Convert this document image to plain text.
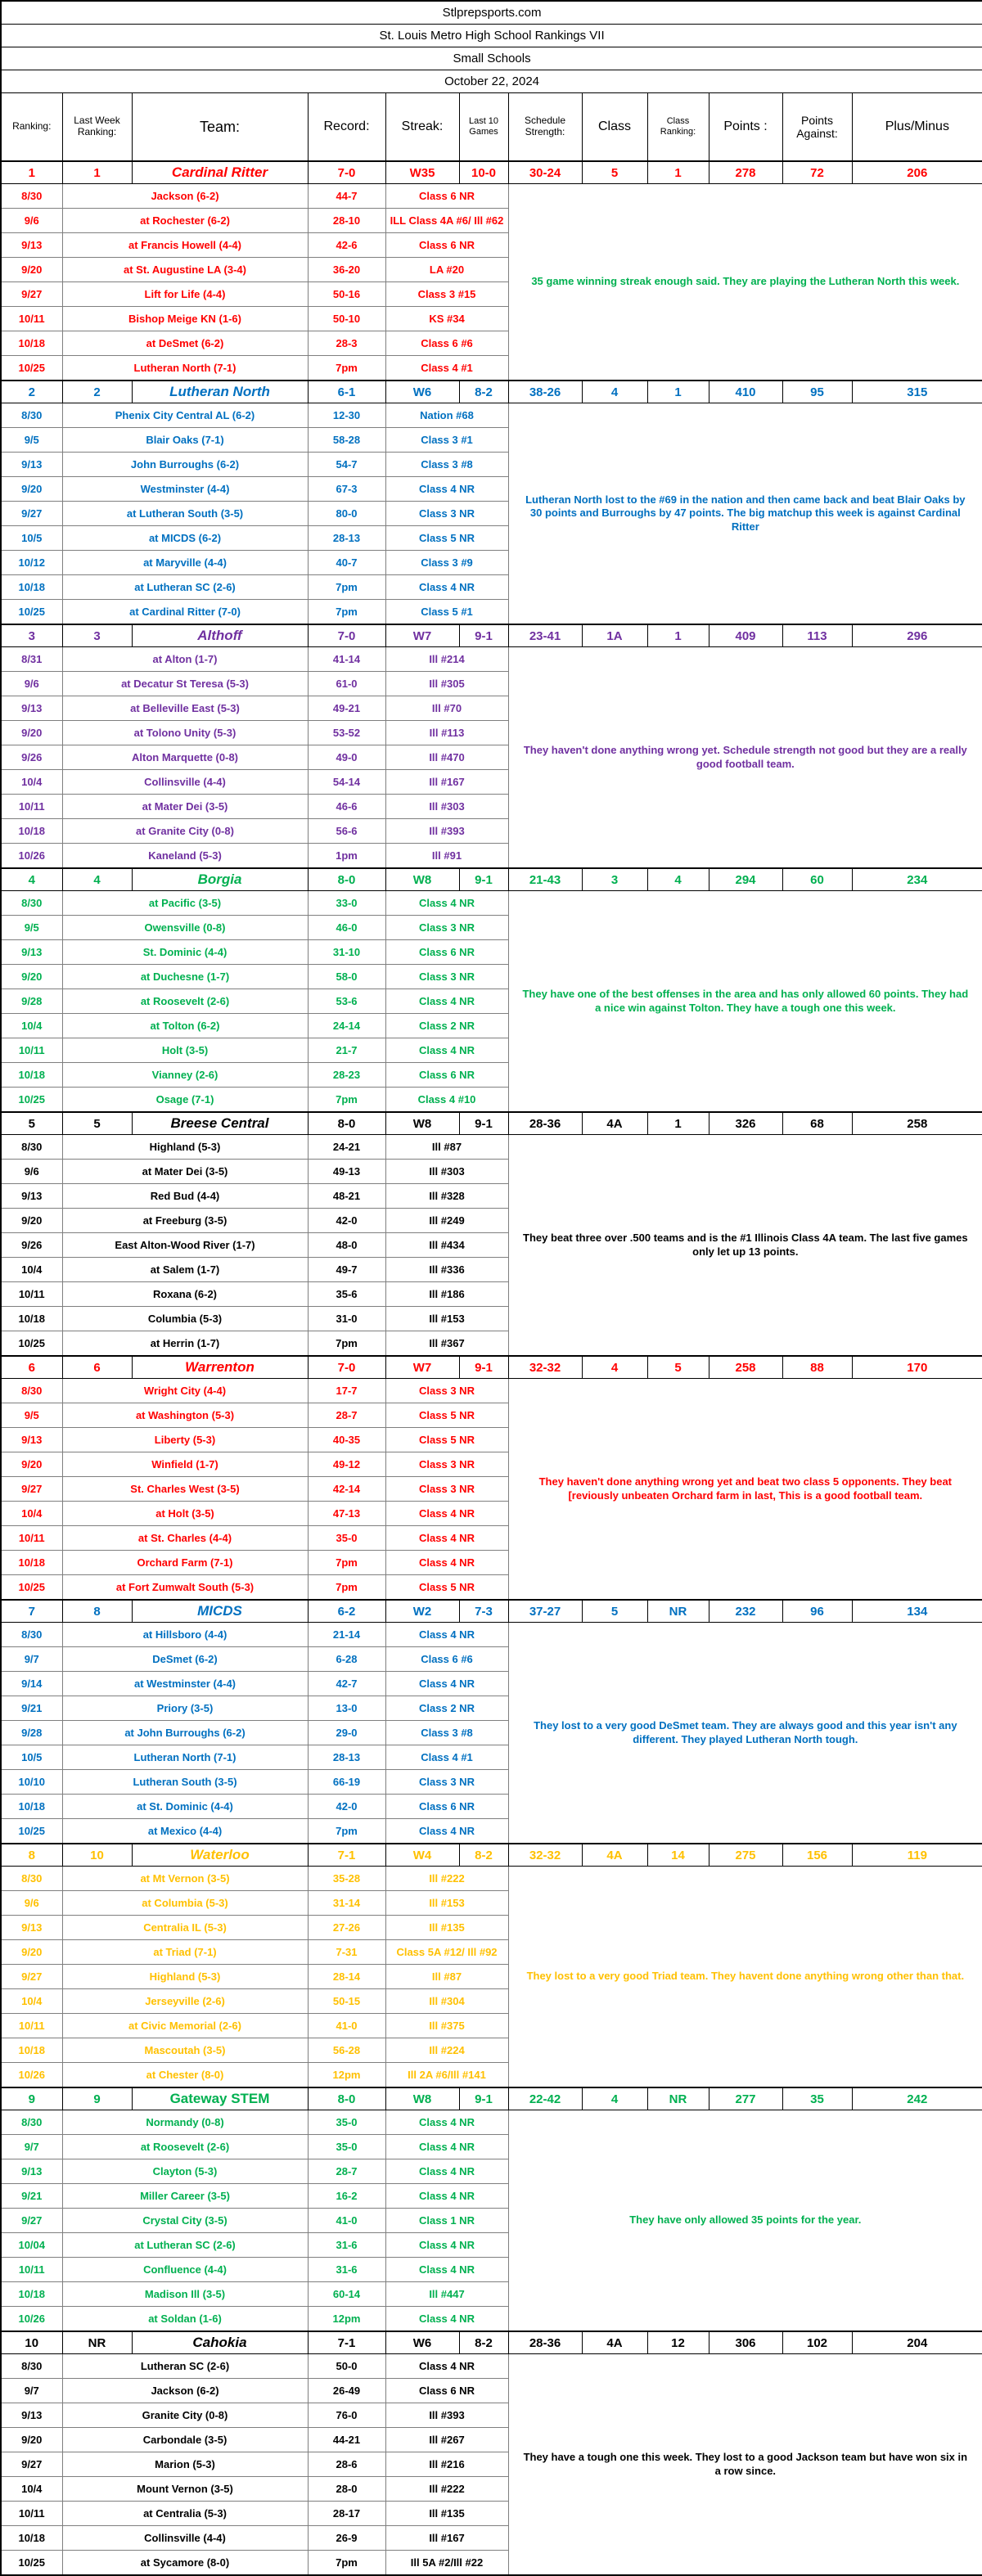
Stlprepsports.com											
St. Louis Metro High School Rankings VII											
Small Schools											
October 22, 2024											
Ranking:	Last Week Ranking:	Team:	Record:	Streak:	Last 10 Games	Schedule Strength:	Class	Class Ranking:	Points :	Points Against:	Plus/Minus
1	1	Cardinal Ritter	7-0	W35	10-0	30-24	5	1	278	72	206
8/30	Jackson (6-2)		44-7	Class 6 NR		35 game winning streak enough said. They are playing the Lutheran North this week.					
9/6	at Rochester (6-2)		28-10	ILL Class 4A #6/ Ill #62							
9/13	at Francis Howell (4-4)		42-6	Class 6 NR							
9/20	at St. Augustine LA (3-4)		36-20	LA #20							
9/27	Lift for Life (4-4)		50-16	Class 3 #15							
10/11	Bishop Meige KN (1-6)		50-10	KS #34							
10/18	at DeSmet (6-2)		28-3	Class 6 #6							
10/25	Lutheran North (7-1)		7pm	Class 4 #1							
2	2	Lutheran North	6-1	W6	8-2	38-26	4	1	410	95	315
8/30	Phenix City Central AL (6-2)		12-30	Nation #68		Lutheran North lost to the #69 in the nation and then came back and beat Blair Oaks by 30 points and Burroughs by 47 points. The big matchup this week is against Cardinal Ritter					
9/5	Blair Oaks (7-1)		58-28	Class 3 #1							
9/13	John Burroughs (6-2)		54-7	Class 3 #8							
9/20	Westminster (4-4)		67-3	Class 4 NR							
9/27	at Lutheran South (3-5)		80-0	Class 3 NR							
10/5	at MICDS (6-2)		28-13	Class 5 NR							
10/12	at Maryville (4-4)		40-7	Class 3 #9							
10/18	at Lutheran SC (2-6)		7pm	Class 4 NR							
10/25	at Cardinal Ritter (7-0)		7pm	Class 5 #1							
3	3	Althoff	7-0	W7	9-1	23-41	1A	1	409	113	296
8/31	at Alton (1-7)		41-14	Ill #214		They haven't done anything wrong yet. Schedule strength not good but they are a really good football team.					
9/6	at Decatur St Teresa (5-3)		61-0	Ill #305							
9/13	at Belleville East (5-3)		49-21	Ill #70							
9/20	at Tolono Unity (5-3)		53-52	Ill #113							
9/26	Alton Marquette (0-8)		49-0	Ill #470							
10/4	Collinsville (4-4)		54-14	Ill #167							
10/11	at Mater Dei (3-5)		46-6	Ill #303							
10/18	at Granite City (0-8)		56-6	Ill #393							
10/26	Kaneland (5-3)		1pm	Ill #91							
4	4	Borgia	8-0	W8	9-1	21-43	3	4	294	60	234
8/30	at Pacific (3-5)		33-0	Class 4 NR		They have one of the best offenses in the area and has only allowed 60 points. They had a nice win against Tolton. They have a tough one this week.					
9/5	Owensville (0-8)		46-0	Class 3 NR							
9/13	St. Dominic (4-4)		31-10	Class 6 NR							
9/20	at Duchesne (1-7)		58-0	Class 3 NR							
9/28	at Roosevelt (2-6)		53-6	Class 4 NR							
10/4	at Tolton (6-2)		24-14	Class 2 NR							
10/11	Holt (3-5)		21-7	Class 4 NR							
10/18	Vianney (2-6)		28-23	Class 6 NR							
10/25	Osage (7-1)		7pm	Class 4 #10							
5	5	Breese Central	8-0	W8	9-1	28-36	4A	1	326	68	258
8/30	Highland (5-3)		24-21	Ill #87		They beat three over .500 teams and is the #1 Illinois Class 4A team. The last five games only let up 13 points.					
9/6	at Mater Dei (3-5)		49-13	Ill #303							
9/13	Red Bud (4-4)		48-21	Ill #328							
9/20	at Freeburg (3-5)		42-0	Ill #249							
9/26	East Alton-Wood River (1-7)		48-0	Ill #434							
10/4	at Salem (1-7)		49-7	Ill #336							
10/11	Roxana (6-2)		35-6	Ill #186							
10/18	Columbia (5-3)		31-0	Ill #153							
10/25	at Herrin (1-7)		7pm	Ill #367							
6	6	Warrenton	7-0	W7	9-1	32-32	4	5	258	88	170
8/30	Wright City (4-4)		17-7	Class 3 NR		They haven't done anything wrong yet and beat two class 5 opponents. They beat [reviously unbeaten Orchard farm in last, This is a good football team.					
9/5	at Washington (5-3)		28-7	Class 5 NR							
9/13	Liberty (5-3)		40-35	Class 5 NR							
9/20	Winfield (1-7)		49-12	Class 3 NR							
9/27	St. Charles West (3-5)		42-14	Class 3 NR							
10/4	at Holt (3-5)		47-13	Class 4 NR							
10/11	at St. Charles (4-4)		35-0	Class 4 NR							
10/18	Orchard Farm (7-1)		7pm	Class 4 NR							
10/25	at Fort Zumwalt South (5-3)		7pm	Class 5 NR							
7	8	MICDS	6-2	W2	7-3	37-27	5	NR	232	96	134
8/30	at Hillsboro (4-4)		21-14	Class 4 NR		They lost to a very good DeSmet team. They are always good and this year isn't any different. They played Lutheran North tough.					
9/7	DeSmet (6-2)		6-28	Class 6 #6							
9/14	at Westminster (4-4)		42-7	Class 4 NR							
9/21	Priory (3-5)		13-0	Class 2 NR							
9/28	at John Burroughs (6-2)		29-0	Class 3 #8							
10/5	Lutheran North (7-1)		28-13	Class 4 #1							
10/10	Lutheran South (3-5)		66-19	Class 3 NR							
10/18	at St. Dominic (4-4)		42-0	Class 6 NR							
10/25	at Mexico (4-4)		7pm	Class 4 NR							
8	10	Waterloo	7-1	W4	8-2	32-32	4A	14	275	156	119
8/30	at Mt Vernon (3-5)		35-28	Ill #222		They lost to a very good Triad team. They havent done anything wrong other than that.					
9/6	at Columbia (5-3)		31-14	Ill #153							
9/13	Centralia IL (5-3)		27-26	Ill #135							
9/20	at Triad (7-1)		7-31	Class 5A #12/ Ill #92							
9/27	Highland (5-3)		28-14	Ill #87							
10/4	Jerseyville (2-6)		50-15	Ill #304							
10/11	at Civic Memorial (2-6)		41-0	Ill #375							
10/18	Mascoutah (3-5)		56-28	Ill #224							
10/26	at Chester (8-0)		12pm	Ill 2A #6/Ill #141							
9	9	Gateway STEM	8-0	W8	9-1	22-42	4	NR	277	35	242
8/30	Normandy (0-8)		35-0	Class 4 NR		They have only allowed 35 points for the year.					
9/7	at Roosevelt (2-6)		35-0	Class 4 NR							
9/13	Clayton (5-3)		28-7	Class 4 NR							
9/21	Miller Career (3-5)		16-2	Class 4 NR							
9/27	Crystal City (3-5)		41-0	Class 1 NR							
10/04	at Lutheran SC (2-6)		31-6	Class 4 NR							
10/11	Confluence (4-4)		31-6	Class 4 NR							
10/18	Madison Ill (3-5)		60-14	Ill #447							
10/26	at Soldan (1-6)		12pm	Class 4 NR							
10	NR	Cahokia	7-1	W6	8-2	28-36	4A	12	306	102	204
8/30	Lutheran SC (2-6)		50-0	Class 4 NR		They have a tough one this week. They lost to a good Jackson team but have won six in a row since.					
9/7	Jackson (6-2)		26-49	Class 6 NR							
9/13	Granite City (0-8)		76-0	Ill #393							
9/20	Carbondale (3-5)		44-21	Ill #267							
9/27	Marion (5-3)		28-6	Ill #216							
10/4	Mount Vernon (3-5)		28-0	Ill #222							
10/11	at Centralia (5-3)		28-17	Ill #135							
10/18	Collinsville (4-4)		26-9	Ill #167							
10/25	at Sycamore (8-0)		7pm	Ill 5A #2/Ill #22							
